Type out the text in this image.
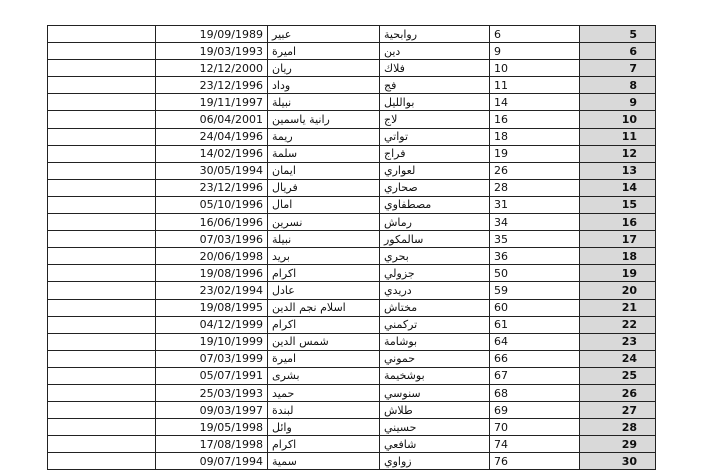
	19/09/1989	عبير	روابحية	6	5
	19/03/1993	اميرة	دين	9	6
	12/12/2000	ريان	فلاك	10	7
	23/12/1996	وداد	فج	11	8
	19/11/1997	نبيلة	بوالليل	14	9
	06/04/2001	رانية ياسمين	لاج	16	10
	24/04/1996	ريمة	تواتي	18	11
	14/02/1996	سلمة	فراج	19	12
	30/05/1994	ايمان	لعواري	26	13
	23/12/1996	فريال	صحاري	28	14
	05/10/1996	امال	مصطفاوي	31	15
	16/06/1996	نسرين	رماش	34	16
	07/03/1996	نبيلة	سالمكور	35	17
	20/06/1998	بريد	بحري	36	18
	19/08/1996	اكرام	جزولي	50	19
	23/02/1994	عادل	دريدي	59	20
	19/08/1995	اسلام نجم الدين	مختاش	60	21
	04/12/1999	اكرام	تركمني	61	22
	19/10/1999	شمس الدين	بوشامة	64	23
	07/03/1999	اميرة	حموني	66	24
	05/07/1991	بشرى	بوشخيمة	67	25
	25/03/1993	حميد	سنوسي	68	26
	09/03/1997	لبندة	طلاش	69	27
	19/05/1998	وائل	حسيني	70	28
	17/08/1998	اكرام	شافعي	74	29
	09/07/1994	سمية	زواوي	76	30
